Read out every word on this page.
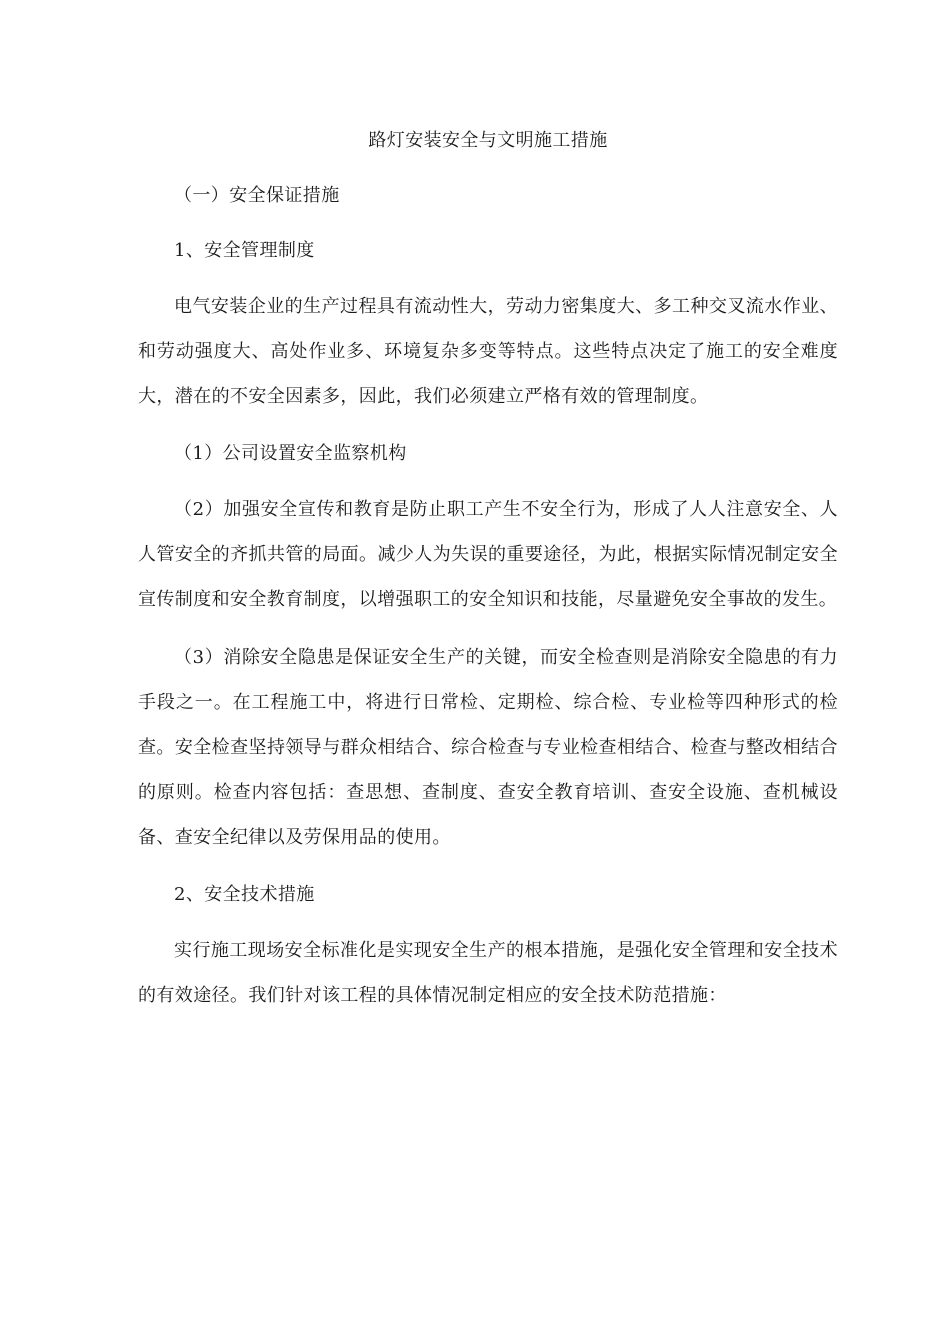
路灯安装安全与文明施工措施
（一）安全保证措施
1、安全管理制度
电气安装企业的生产过程具有流动性大，劳动力密集度大、多工种交叉流水作业、和劳动强度大、高处作业多、环境复杂多变等特点。这些特点决定了施工的安全难度大，潜在的不安全因素多，因此，我们必须建立严格有效的管理制度。
（1）公司设置安全监察机构
（2）加强安全宣传和教育是防止职工产生不安全行为，形成了人人注意安全、人人管安全的齐抓共管的局面。减少人为失误的重要途径，为此，根据实际情况制定安全宣传制度和安全教育制度，以增强职工的安全知识和技能，尽量避免安全事故的发生。
（3）消除安全隐患是保证安全生产的关键，而安全检查则是消除安全隐患的有力手段之一。在工程施工中，将进行日常检、定期检、综合检、专业检等四种形式的检查。安全检查坚持领导与群众相结合、综合检查与专业检查相结合、检查与整改相结合的原则。检查内容包括：查思想、查制度、查安全教育培训、查安全设施、查机械设备、查安全纪律以及劳保用品的使用。
2、安全技术措施
实行施工现场安全标准化是实现安全生产的根本措施，是强化安全管理和安全技术的有效途径。我们针对该工程的具体情况制定相应的安全技术防范措施：
